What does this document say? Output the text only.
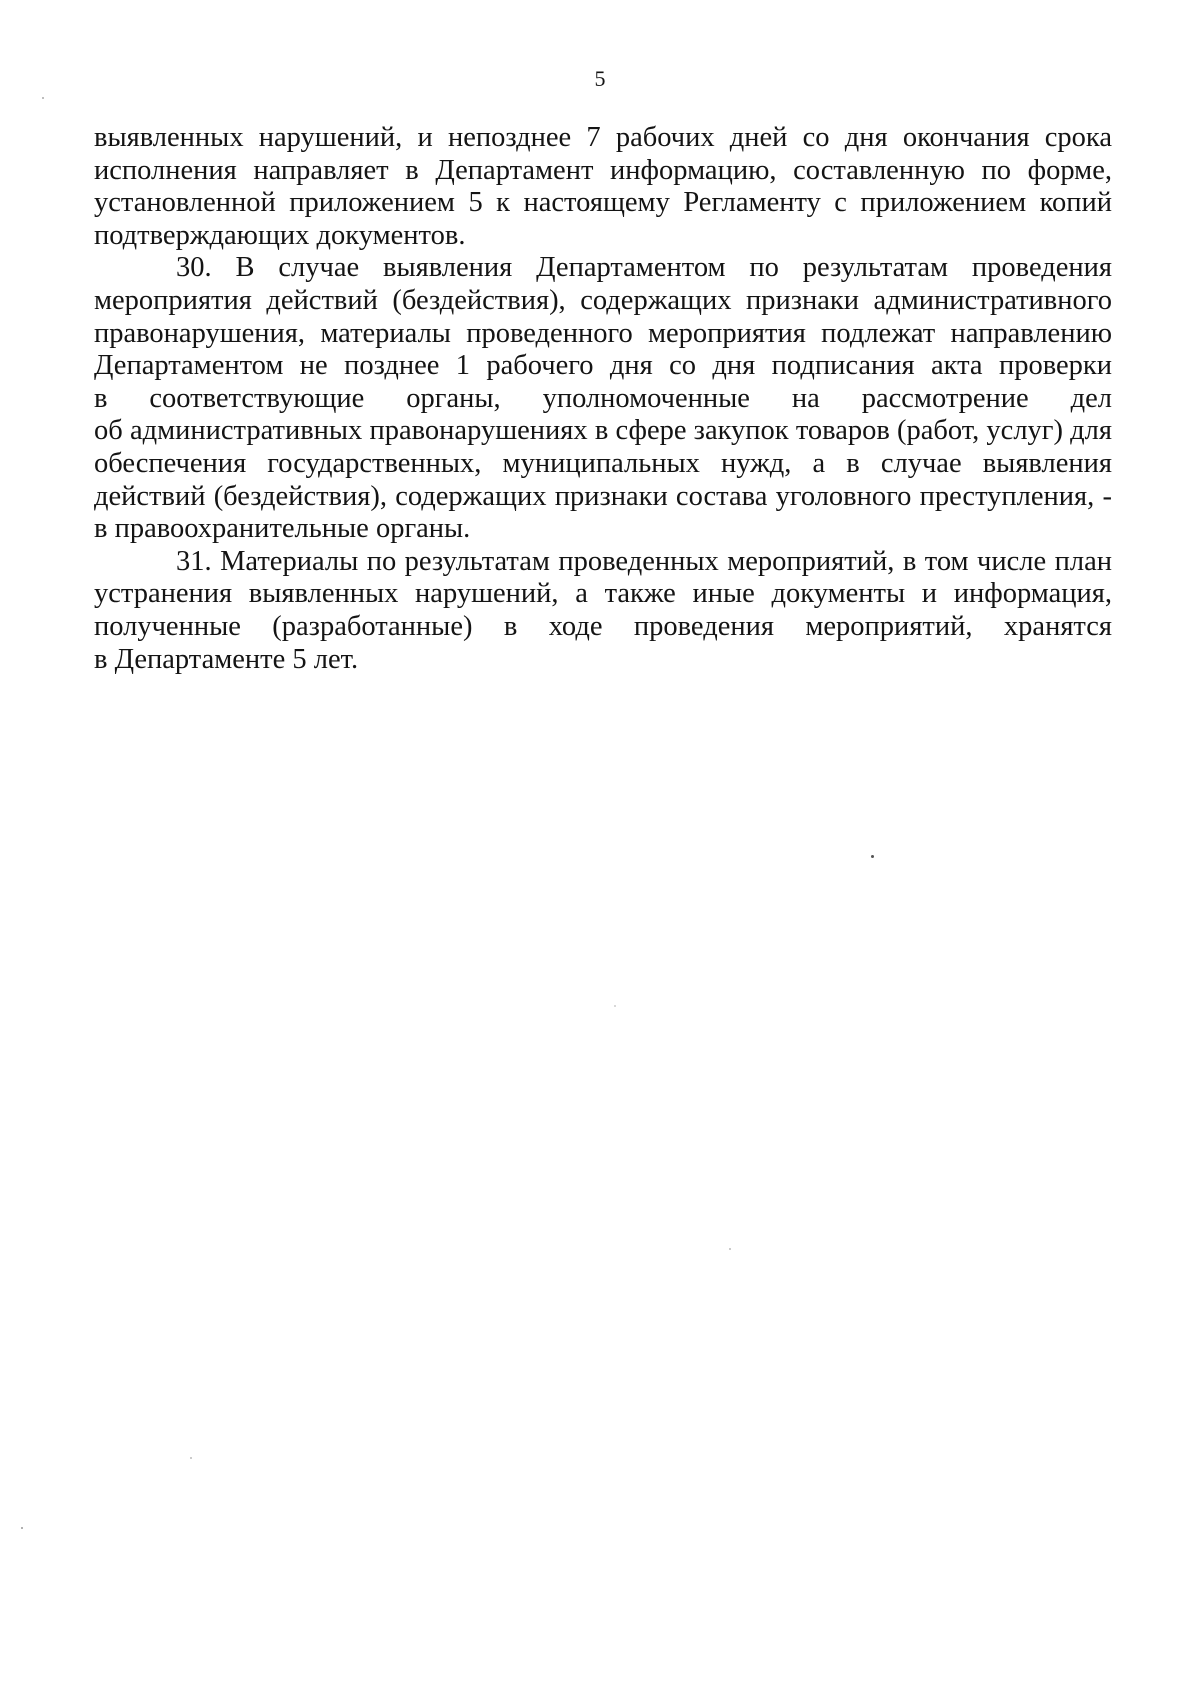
5
выявленных нарушений, и непозднее 7 рабочих дней со дня окончания срока
исполнения направляет в Департамент информацию, составленную по форме,
установленной приложением 5 к настоящему Регламенту с приложением копий
подтверждающих документов.
30. В случае выявления Департаментом по результатам проведения
мероприятия действий (бездействия), содержащих признаки административного
правонарушения, материалы проведенного мероприятия подлежат направлению
Департаментом не позднее 1 рабочего дня со дня подписания акта проверки
в соответствующие органы, уполномоченные на рассмотрение дел
об административных правонарушениях в сфере закупок товаров (работ, услуг) для
обеспечения государственных, муниципальных нужд, а в случае выявления
действий (бездействия), содержащих признаки состава уголовного преступления, -
в правоохранительные органы.
31. Материалы по результатам проведенных мероприятий, в том числе план
устранения выявленных нарушений, а также иные документы и информация,
полученные (разработанные) в ходе проведения мероприятий, хранятся
в Департаменте 5 лет.
